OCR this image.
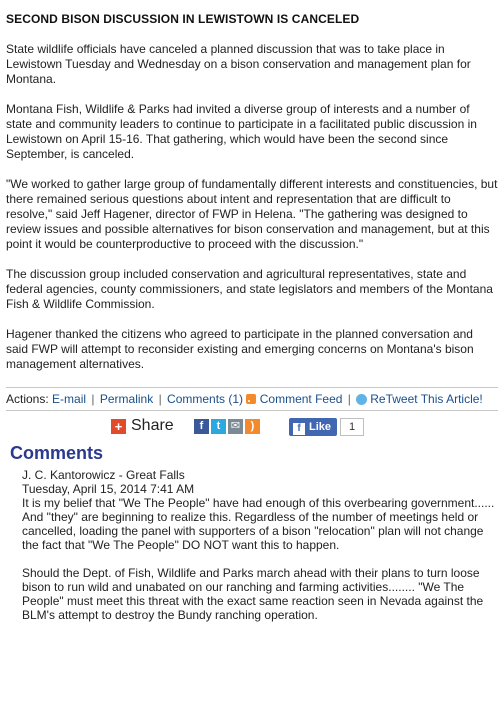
SECOND BISON DISCUSSION IN LEWISTOWN IS CANCELED

State wildlife officials have canceled a planned discussion that was to take place in Lewistown Tuesday and Wednesday on a bison conservation and management plan for Montana.

Montana Fish, Wildlife & Parks had invited a diverse group of interests and a number of state and community leaders to continue to participate in a facilitated public discussion in Lewistown on April 15-16. That gathering, which would have been the second since September, is canceled.

"We worked to gather large group of fundamentally different interests and constituencies, but there remained serious questions about intent and representation that are difficult to resolve," said Jeff Hagener, director of FWP in Helena. "The gathering was designed to review issues and possible alternatives for bison conservation and management, but at this point it would be counterproductive to proceed with the discussion."

The discussion group included conservation and agricultural representatives, state and federal agencies, county commissioners, and state legislators and members of the Montana Fish & Wildlife Commission.

Hagener thanked the citizens who agreed to participate in the planned conversation and said FWP will attempt to reconsider existing and emerging concerns on Montana's bison management alternatives.

Actions: E-mail | Permalink | Comments (1) Comment Feed | ReTweet This Article!
+ Share	f	t ✉ )	f Like	1
Comments

J. C. Kantorowicz - Great Falls

Tuesday, April 15, 2014 7:41 AM

It is my belief that "We The People" have had enough of this overbearing government...... And "they" are beginning to realize this. Regardless of the number of meetings held or cancelled, loading the panel with supporters of a bison "relocation" plan will not change the fact that "We The People" DO NOT want this to happen.

Should the Dept. of Fish, Wildlife and Parks march ahead with their plans to turn loose bison to run wild and unabated on our ranching and farming activities........ "We The People" must meet this threat with the exact same reaction seen in Nevada against the BLM's attempt to destroy the Bundy ranching operation.
